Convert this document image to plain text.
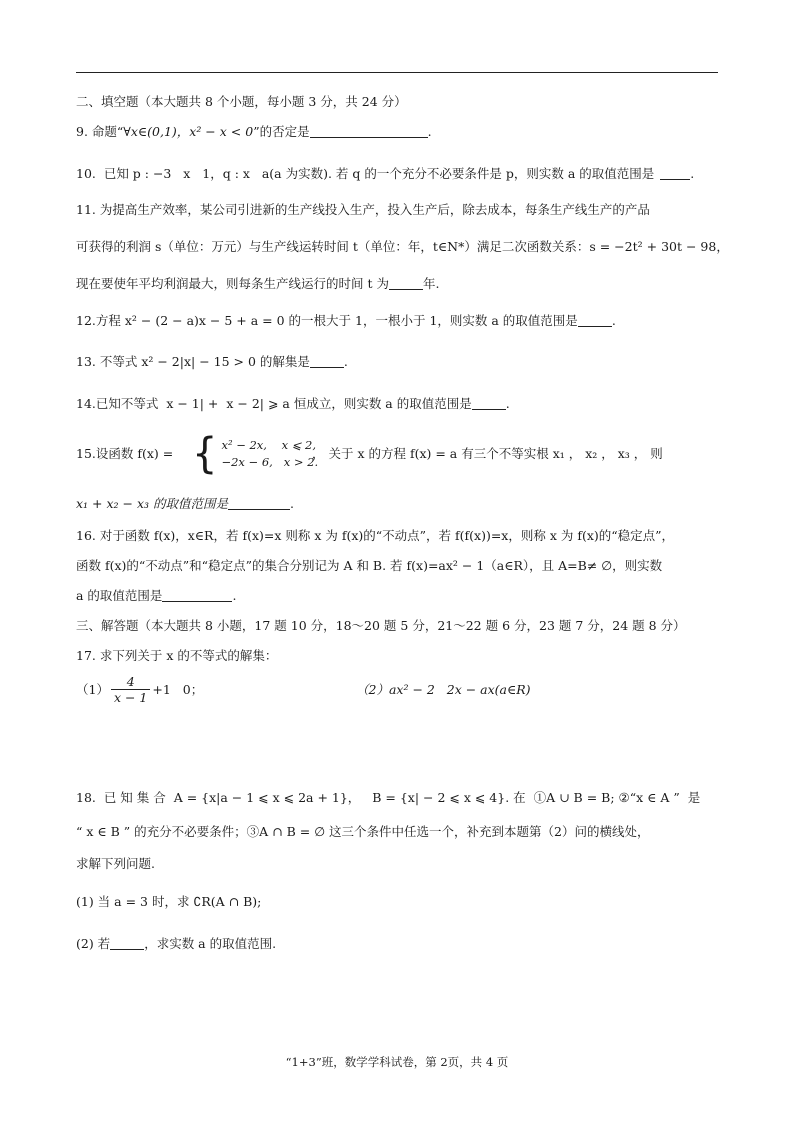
二、填空题（本大题共 8 个小题，每小题 3 分，共 24 分）
9. 命题“∀x∈(0,1)，x² − x < 0”的否定是	.
10.  已知 p : −3   x   1，q : x   a(a 为实数). 若 q 的一个充分不必要条件是 p，则实数 a 的取值范围是	.
11. 为提高生产效率，某公司引进新的生产线投入生产，投入生产后，除去成本，每条生产线生产的产品
可获得的利润 s（单位：万元）与生产线运转时间 t（单位：年，t∈N*）满足二次函数关系：s = −2t² + 30t − 98，
现在要使年平均利润最大，则每条生产线运行的时间 t 为	年.
12.方程 x² − (2 − a)x − 5 + a = 0 的一根大于 1，一根小于 1，则实数 a 的取值范围是	.
13. 不等式 x² − 2|x| − 15 > 0 的解集是	.
14.已知不等式  x − 1| +  x − 2| ⩾ a 恒成立，则实数 a 的取值范围是	.
15.设函数 f(x) = { x² − 2x,    x ⩽ 2,
−2x − 6,   x > 2.
， 关于 x 的方程 f(x) = a 有三个不等实根 x₁ ， x₂ ， x₃ ， 则
x₁ + x₂ − x₃ 的取值范围是	.
16. 对于函数 f(x)，x∈R，若 f(x)=x 则称 x 为 f(x)的“不动点”，若 f(f(x))=x，则称 x 为 f(x)的“稳定点”，
函数 f(x)的“不动点”和“稳定点”的集合分别记为 A 和 B. 若 f(x)=ax² − 1（a∈R），且 A=B≠ ∅，则实数
a 的取值范围是	.
三、解答题（本大题共 8 小题，17 题 10 分，18～20 题 5 分，21～22 题 6 分，23 题 7 分，24 题 8 分）
17. 求下列关于 x 的不等式的解集：
$(1) \frac{4}{x - 1} +1$   0；	（2）ax² − 2   2x − ax(a∈R)
18.  已 知 集 合  A = {x|a − 1 ⩽ x ⩽ 2a + 1}，   B = {x| − 2 ⩽ x ⩽ 4}. 在  ①A ∪ B = B; ②“x ∈ A ”  是
“ x ∈ B ” 的充分不必要条件；③A ∩ B = ∅ 这三个条件中任选一个，补充到本题第（2）问的横线处，
求解下列问题.
(1) 当 a = 3 时，求 ∁R(A ∩ B);
(2) 若	，求实数 a 的取值范围.
“1+3”班，数学学科试卷，第 2页，共 4 页
